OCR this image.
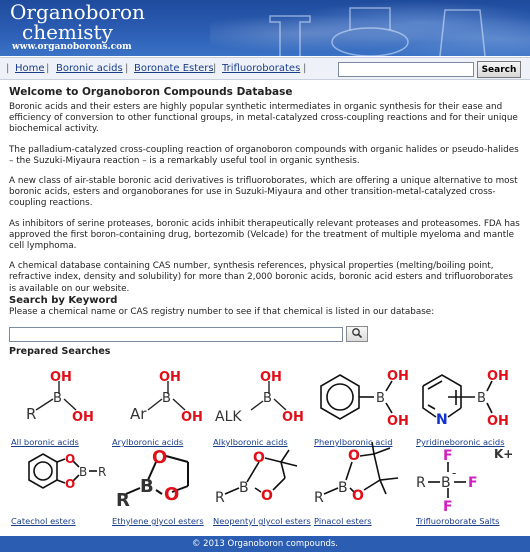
Organoboron
chemisty
www.organoborons.com
| Home | Boronic acids | Boronate Esters | Trifluoroborates |	Search
Welcome to Organoboron Compounds Database

Boronic acids and their esters are highly popular synthetic intermediates in organic synthesis for their ease and efficiency of conversion to other functional groups, in metal-catalyzed cross-coupling reactions and for their unique biochemical activity.

The palladium-catalyzed cross-coupling reaction of organoboron compounds with organic halides or pseudo-halides – the Suzuki-Miyaura reaction – is a remarkably useful tool in organic synthesis.

A new class of air-stable boronic acid derivatives is trifluoroborates, which are offering a unique alternative to most boronic acids, esters and organoboranes for use in Suzuki-Miyaura and other transition-metal-catalyzed cross-coupling reactions.

As inhibitors of serine proteases, boronic acids inhibit therapeutically relevant proteases and proteasomes. FDA has approved the first boron-containing drug, bortezomib (Velcade) for the treatment of multiple myeloma and mantle cell lymphoma.

A chemical database containing CAS number, synthesis references, physical properties (melting/boiling point, refractive index, density and solubility) for more than 2,000 boronic acids, boronic acid esters and trifluoroborates is available on our website.

Search by Keyword
Please a chemical name or CAS registry number to see if that chemical is listed in our database:
Prepared Searches
R
B
OH
OH
All boronic acids
Ar
B
OH
OH
Arylboronic acids
ALK
B
OH
OH
Alkylboronic acids
B
OH
OH
Phenylboronic acid
N
B
OH
OH
Pyridineboronic acids
O
O
B R
Catechol esters
O
O
B
R
Ethylene glycol esters
O
O
B
R
Neopentyl glycol esters
O
O
B
R
Pinacol esters
R B
-
F
F
F
K+
Trifluoroborate Salts
© 2013 Organoboron compounds.
